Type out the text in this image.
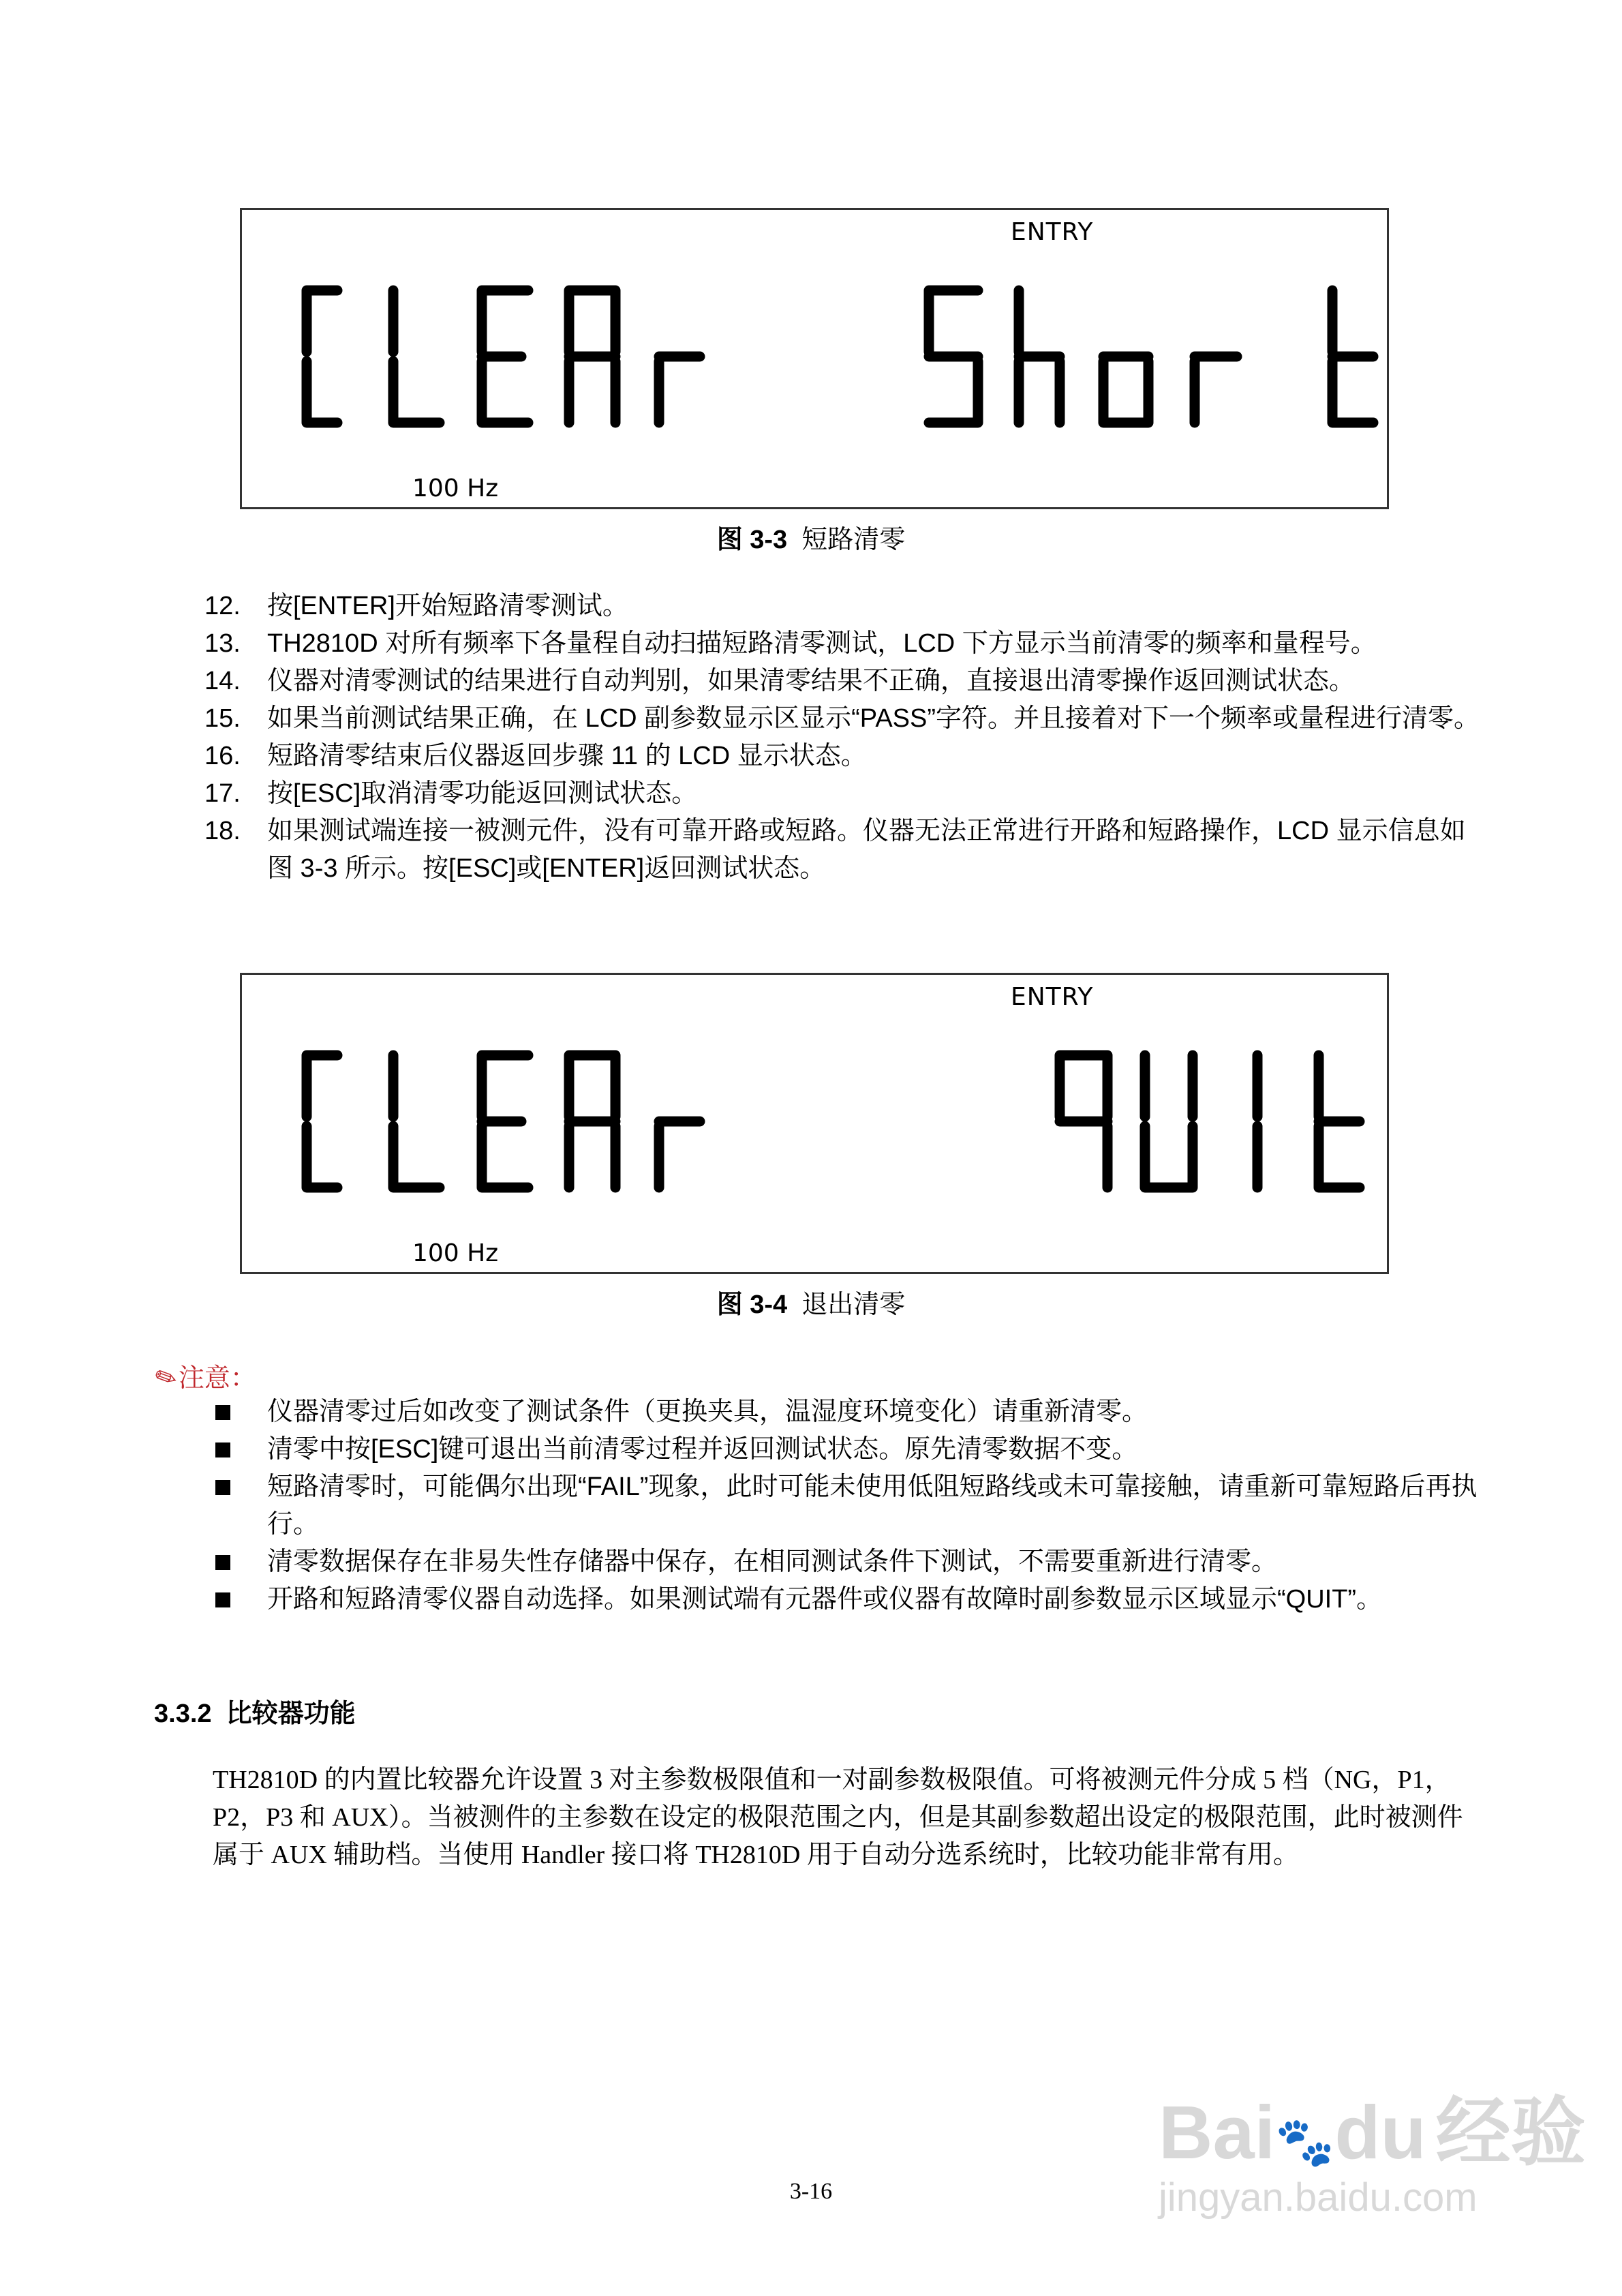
ENTRY
100 Hz
图 3-3 短路清零
12. 按[ENTER]开始短路清零测试。
13. TH2810D 对所有频率下各量程自动扫描短路清零测试，LCD 下方显示当前清零的频率和量程号。
14. 仪器对清零测试的结果进行自动判别，如果清零结果不正确，直接退出清零操作返回测试状态。
15. 如果当前测试结果正确，在 LCD 副参数显示区显示“PASS”字符。并且接着对下一个频率或量程进行清零。
16. 短路清零结束后仪器返回步骤 11 的 LCD 显示状态。
17. 按[ESC]取消清零功能返回测试状态。
18. 如果测试端连接一被测元件，没有可靠开路或短路。仪器无法正常进行开路和短路操作，LCD 显示信息如图 3-3 所示。按[ESC]或[ENTER]返回测试状态。
ENTRY
100 Hz
图 3-4 退出清零
✎注意：
仪器清零过后如改变了测试条件（更换夹具，温湿度环境变化）请重新清零。
清零中按[ESC]键可退出当前清零过程并返回测试状态。原先清零数据不变。
短路清零时，可能偶尔出现“FAIL”现象，此时可能未使用低阻短路线或未可靠接触，请重新可靠短路后再执行。
清零数据保存在非易失性存储器中保存，在相同测试条件下测试，不需要重新进行清零。
开路和短路清零仪器自动选择。如果测试端有元器件或仪器有故障时副参数显示区域显示“QUIT”。
3.3.2 比较器功能
TH2810D 的内置比较器允许设置 3 对主参数极限值和一对副参数极限值。可将被测元件分成 5 档（NG，P1，P2，P3 和 AUX）。当被测件的主参数在设定的极限范围之内，但是其副参数超出设定的极限范围，此时被测件属于 AUX 辅助档。当使用 Handler 接口将 TH2810D 用于自动分选系统时，比较功能非常有用。
3-16
Bai🐾du 经验
jingyan.baidu.com
